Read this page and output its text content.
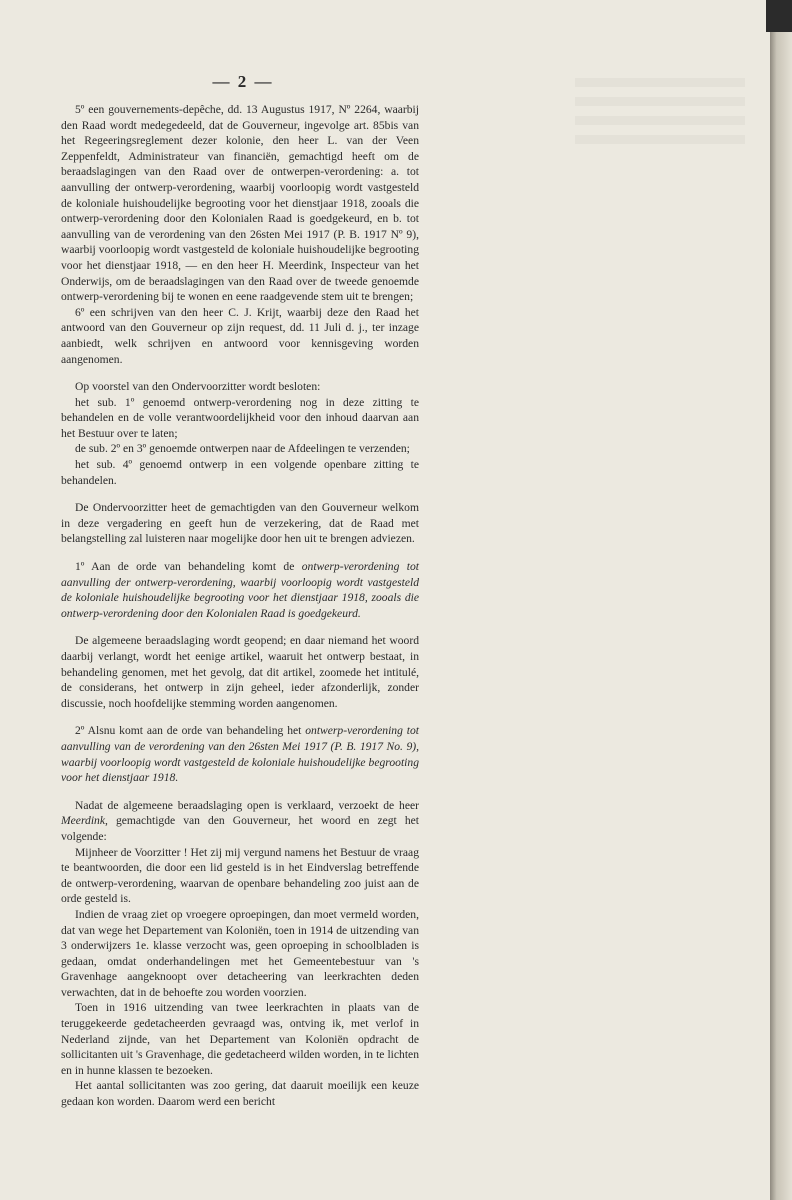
— 2 —

5º een gouvernements-depêche, dd. 13 Augustus 1917, Nº 2264, waarbij den Raad wordt medegedeeld, dat de Gouverneur, ingevolge art. 85bis van het Regeeringsreglement dezer kolonie, den heer L. van der Veen Zeppenfeldt, Administrateur van financiën, gemachtigd heeft om de beraadslagingen van den Raad over de ontwerpen-verordening: a. tot aanvulling der ontwerp-verordening, waarbij voorloopig wordt vastgesteld de koloniale huishoudelijke begrooting voor het dienstjaar 1918, zooals die ontwerp-verordening door den Kolonialen Raad is goedgekeurd, en b. tot aanvulling van de verordening van den 26sten Mei 1917 (P. B. 1917 Nº 9), waarbij voorloopig wordt vastgesteld de koloniale huishoudelijke begrooting voor het dienstjaar 1918, — en den heer H. Meerdink, Inspecteur van het Onderwijs, om de beraadslagingen van den Raad over de tweede genoemde ontwerp-verordening bij te wonen en eene raadgevende stem uit te brengen;

6º een schrijven van den heer C. J. Krijt, waarbij deze den Raad het antwoord van den Gouverneur op zijn request, dd. 11 Juli d. j., ter inzage aanbiedt, welk schrijven en antwoord voor kennisgeving worden aangenomen.

Op voorstel van den Ondervoorzitter wordt besloten:

het sub. 1º genoemd ontwerp-verordening nog in deze zitting te behandelen en de volle verantwoordelijkheid voor den inhoud daarvan aan het Bestuur over te laten;

de sub. 2º en 3º genoemde ontwerpen naar de Afdeelingen te verzenden;

het sub. 4º genoemd ontwerp in een volgende openbare zitting te behandelen.

De Ondervoorzitter heet de gemachtigden van den Gouverneur welkom in deze vergadering en geeft hun de verzekering, dat de Raad met belangstelling zal luisteren naar mogelijke door hen uit te brengen adviezen.

1º Aan de orde van behandeling komt de ontwerp-verordening tot aanvulling der ontwerp-verordening, waarbij voorloopig wordt vastgesteld de koloniale huishoudelijke begrooting voor het dienstjaar 1918, zooals die ontwerp-verordening door den Kolonialen Raad is goedgekeurd.

De algemeene beraadslaging wordt geopend; en daar niemand het woord daarbij verlangt, wordt het eenige artikel, waaruit het ontwerp bestaat, in behandeling genomen, met het gevolg, dat dit artikel, zoomede het intitulé, de considerans, het ontwerp in zijn geheel, ieder afzonderlijk, zonder discussie, noch hoofdelijke stemming worden aangenomen.

2º Alsnu komt aan de orde van behandeling het ontwerp-verordening tot aanvulling van de verordening van den 26sten Mei 1917 (P. B. 1917 No. 9), waarbij voorloopig wordt vastgesteld de koloniale huishoudelijke begrooting voor het dienstjaar 1918.

Nadat de algemeene beraadslaging open is verklaard, verzoekt de heer Meerdink, gemachtigde van den Gouverneur, het woord en zegt het volgende:

Mijnheer de Voorzitter ! Het zij mij vergund namens het Bestuur de vraag te beantwoorden, die door een lid gesteld is in het Eindverslag betreffende de ontwerp-verordening, waarvan de openbare behandeling zoo juist aan de orde gesteld is.

Indien de vraag ziet op vroegere oproepingen, dan moet vermeld worden, dat van wege het Departement van Koloniën, toen in 1914 de uitzending van 3 onderwijzers 1e. klasse verzocht was, geen oproeping in schoolbladen is gedaan, omdat onderhandelingen met het Gemeentebestuur van 's Gravenhage aangeknoopt over detacheering van leerkrachten deden verwachten, dat in de behoefte zou worden voorzien.

Toen in 1916 uitzending van twee leerkrachten in plaats van de teruggekeerde gedetacheerden gevraagd was, ontving ik, met verlof in Nederland zijnde, van het Departement van Koloniën opdracht de sollicitanten uit 's Gravenhage, die gedetacheerd wilden worden, in te lichten en in hunne klassen te bezoeken.

Het aantal sollicitanten was zoo gering, dat daaruit moeilijk een keuze gedaan kon worden. Daarom werd een bericht
